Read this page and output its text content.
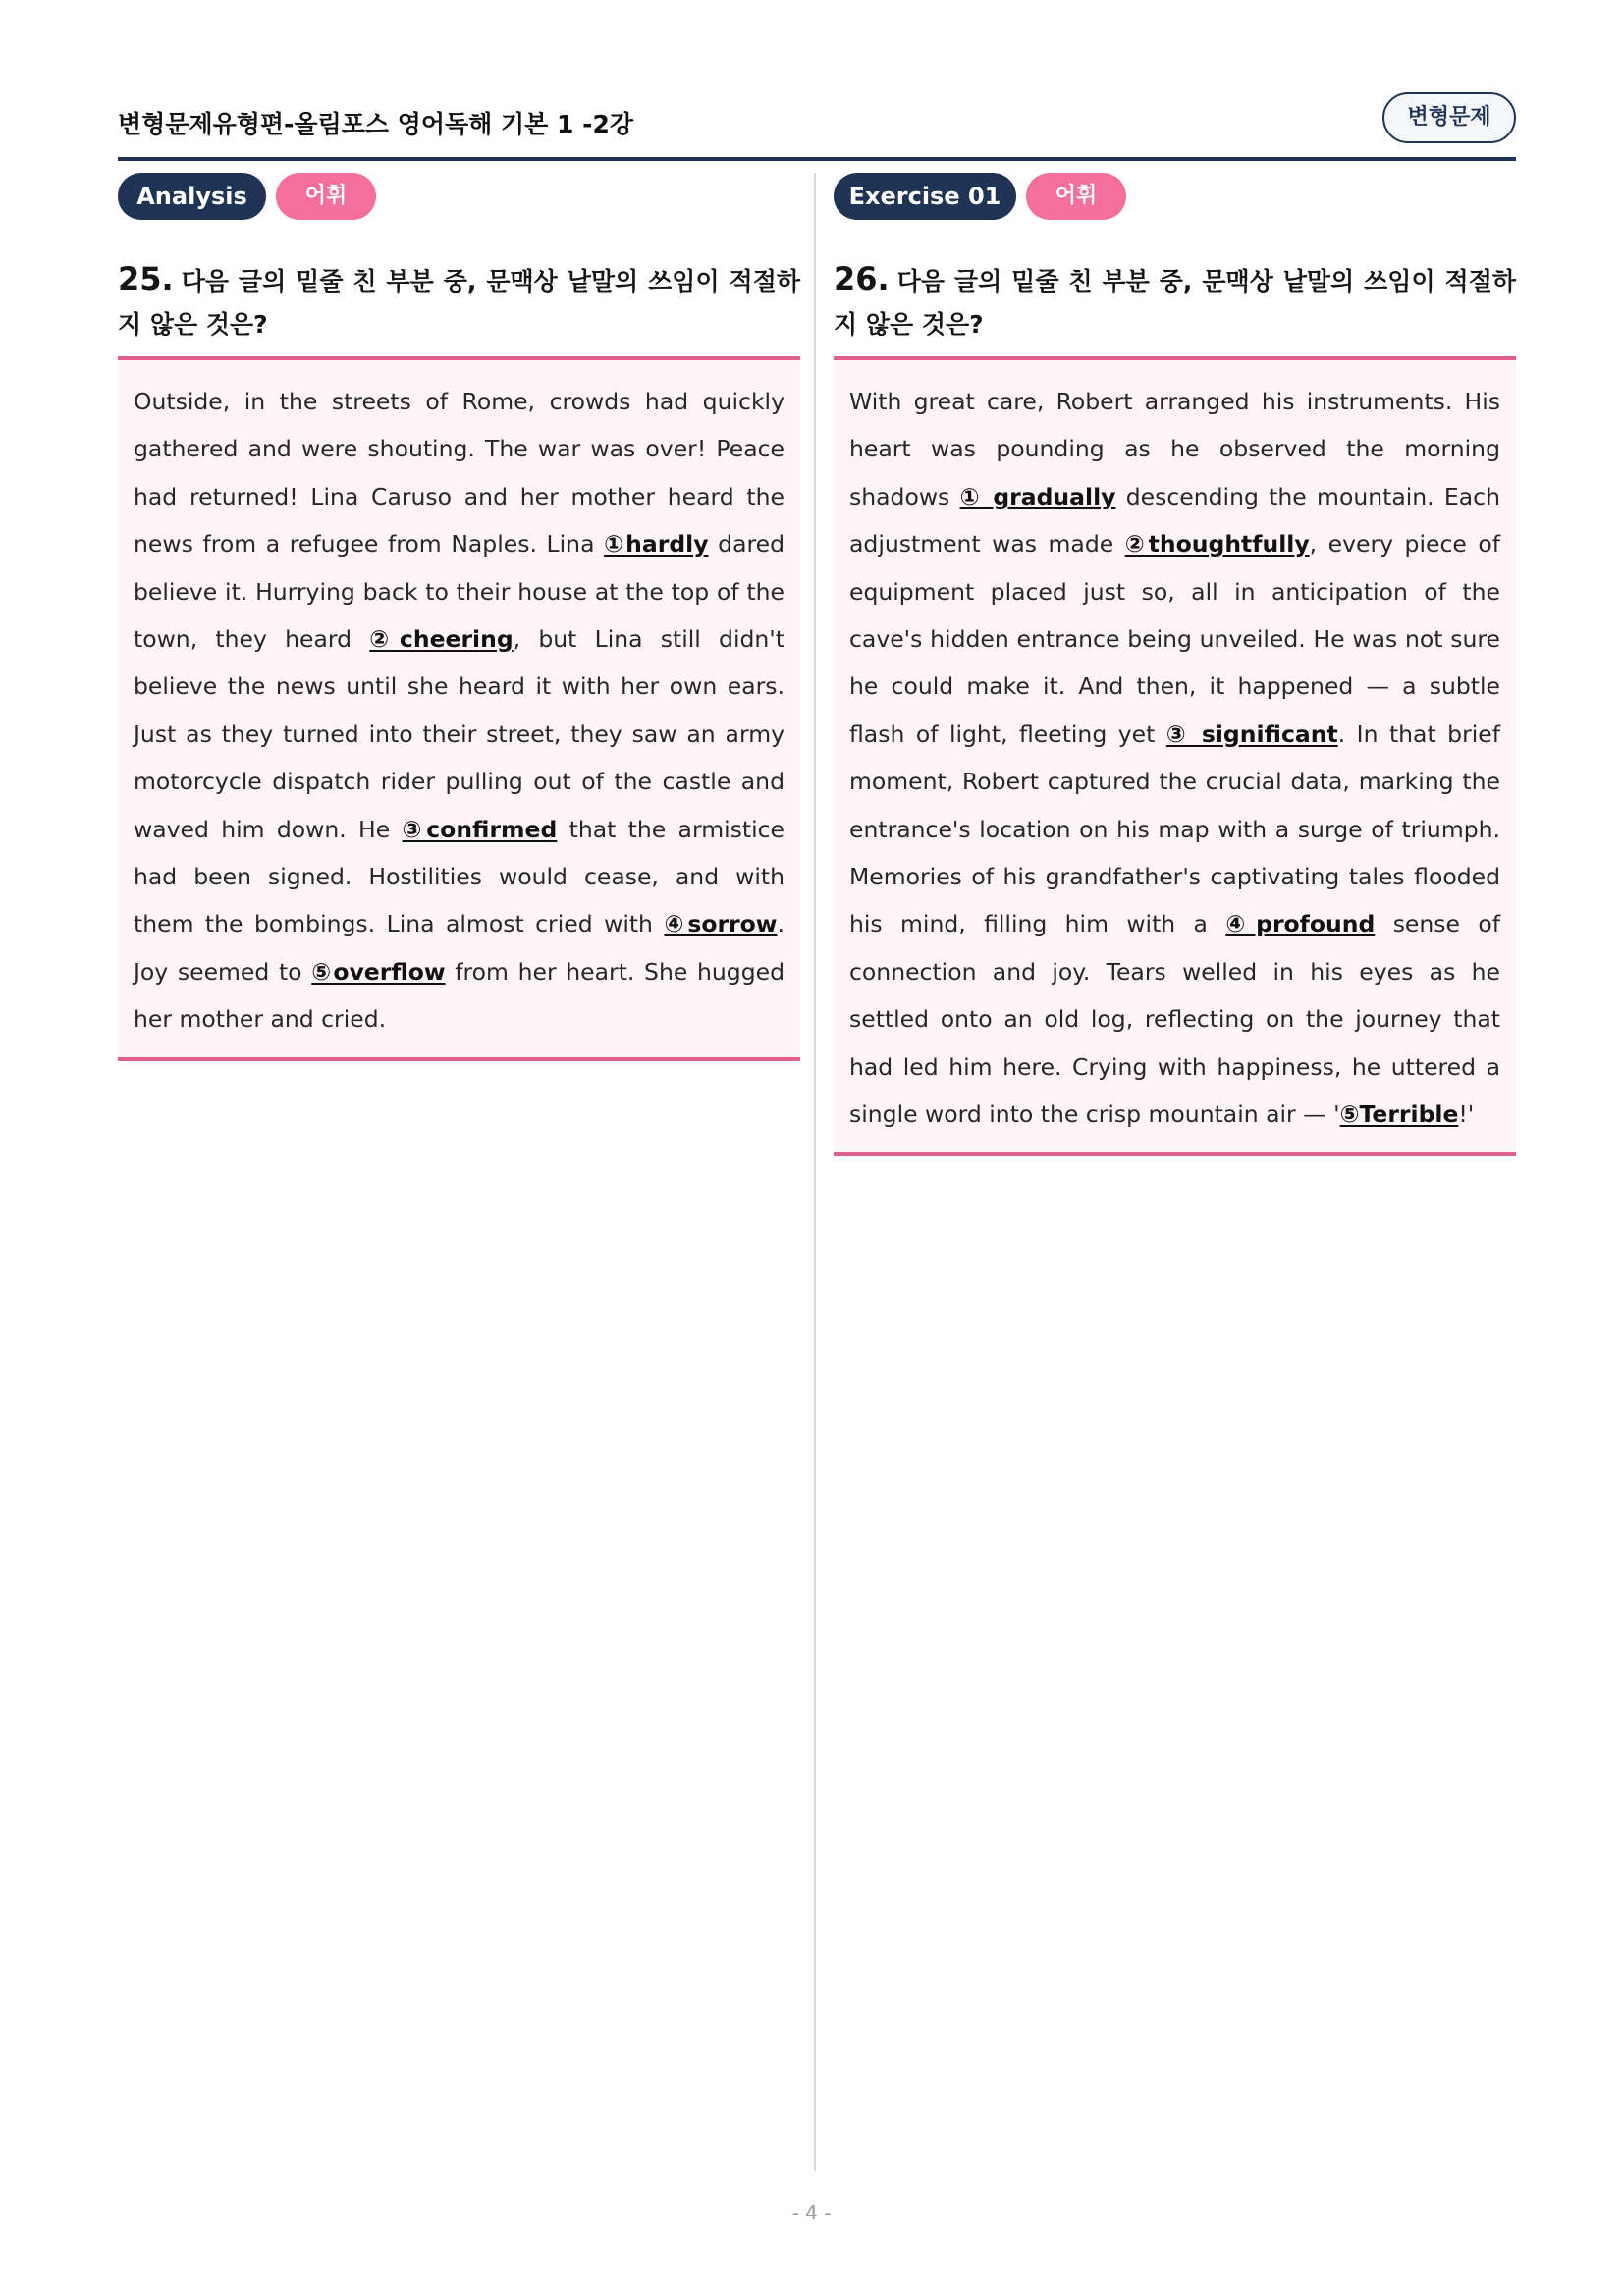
변형문제유형편-올림포스 영어독해 기본 1 -2강	변형문제
Analysis	어휘
25. 다음 글의 밑줄 친 부분 중, 문맥상 낱말의 쓰임이 적절하지 않은 것은?
Outside, in the streets of Rome, crowds had quickly gathered and were shouting. The war was over! Peace had returned! Lina Caruso and her mother heard the news from a refugee from Naples. Lina ①hardly dared believe it. Hurrying back to their house at the top of the town, they heard ②cheering, but Lina still didn't believe the news until she heard it with her own ears. Just as they turned into their street, they saw an army motorcycle dispatch rider pulling out of the castle and waved him down. He ③confirmed that the armistice had been signed. Hostilities would cease, and with them the bombings. Lina almost cried with ④sorrow. Joy seemed to ⑤overflow from her heart. She hugged her mother and cried.
Exercise 01	어휘
26. 다음 글의 밑줄 친 부분 중, 문맥상 낱말의 쓰임이 적절하지 않은 것은?
With great care, Robert arranged his instruments. His heart was pounding as he observed the morning shadows ① gradually descending the mountain. Each adjustment was made ②thoughtfully, every piece of equipment placed just so, all in anticipation of the cave's hidden entrance being unveiled. He was not sure he could make it. And then, it happened — a subtle flash of light, fleeting yet ③ significant. In that brief moment, Robert captured the crucial data, marking the entrance's location on his map with a surge of triumph. Memories of his grandfather's captivating tales flooded his mind, filling him with a ④profound sense of connection and joy. Tears welled in his eyes as he settled onto an old log, reflecting on the journey that had led him here. Crying with happiness, he uttered a single word into the crisp mountain air — '⑤Terrible!'
- 4 -
